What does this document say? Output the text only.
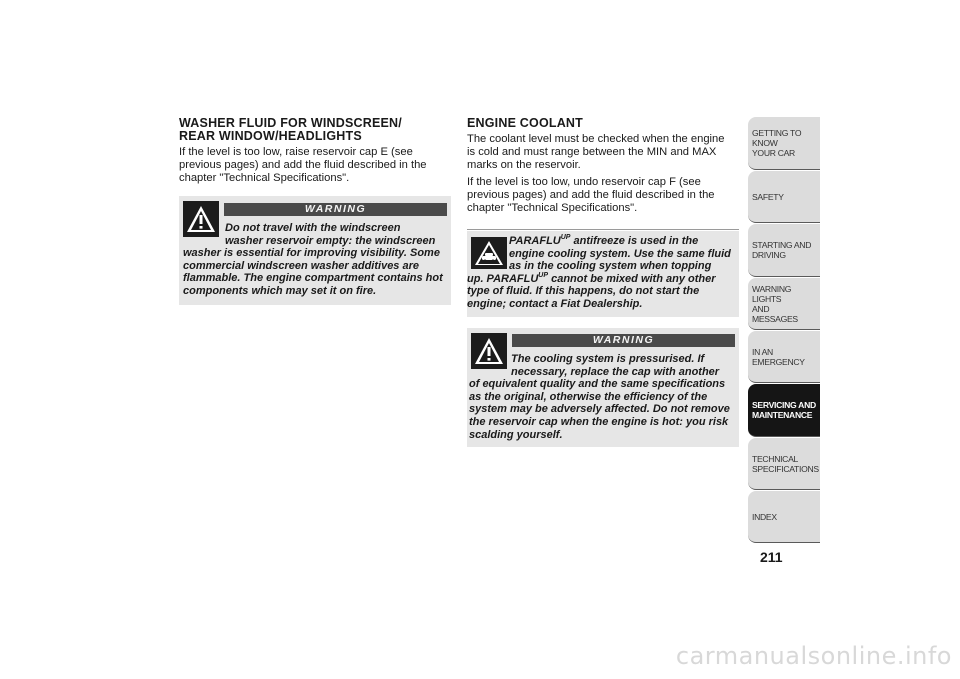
WASHER FLUID FOR WINDSCREEN/
REAR WINDOW/HEADLIGHTS

If the level is too low, raise reservoir cap E (see previous pages) and add the fluid described in the chapter "Technical Specifications".

WARNING

Do not travel with the windscreen
washer reservoir empty: the windscreen
washer is essential for improving visibility. Some commercial windscreen washer additives are flammable. The engine compartment contains hot components which may set it on fire.

ENGINE COOLANT

The coolant level must be checked when the engine is cold and must range between the MIN and MAX marks on the reservoir.

If the level is too low, undo reservoir cap F (see previous pages) and add the fluid described in the chapter "Technical Specifications".

$PARAFLU^{UP}$ antifreeze is used in the
engine cooling system. Use the same fluid
as in the cooling system when topping
up. $PARAFLU^{UP}$ cannot be mixed with any other type of fluid. If this happens, do not start the engine; contact a Fiat Dealership.

WARNING

The cooling system is pressurised. If
necessary, replace the cap with another
of equivalent quality and the same specifications as the original, otherwise the efficiency of the system may be adversely affected. Do not remove the reservoir cap when the engine is hot: you risk scalding yourself.

GETTING TO KNOW
YOUR CAR
SAFETY
STARTING AND
DRIVING
WARNING LIGHTS
AND MESSAGES
IN AN EMERGENCY
SERVICING AND
MAINTENANCE
TECHNICAL
SPECIFICATIONS
INDEX
211
carmanualsonline.info
